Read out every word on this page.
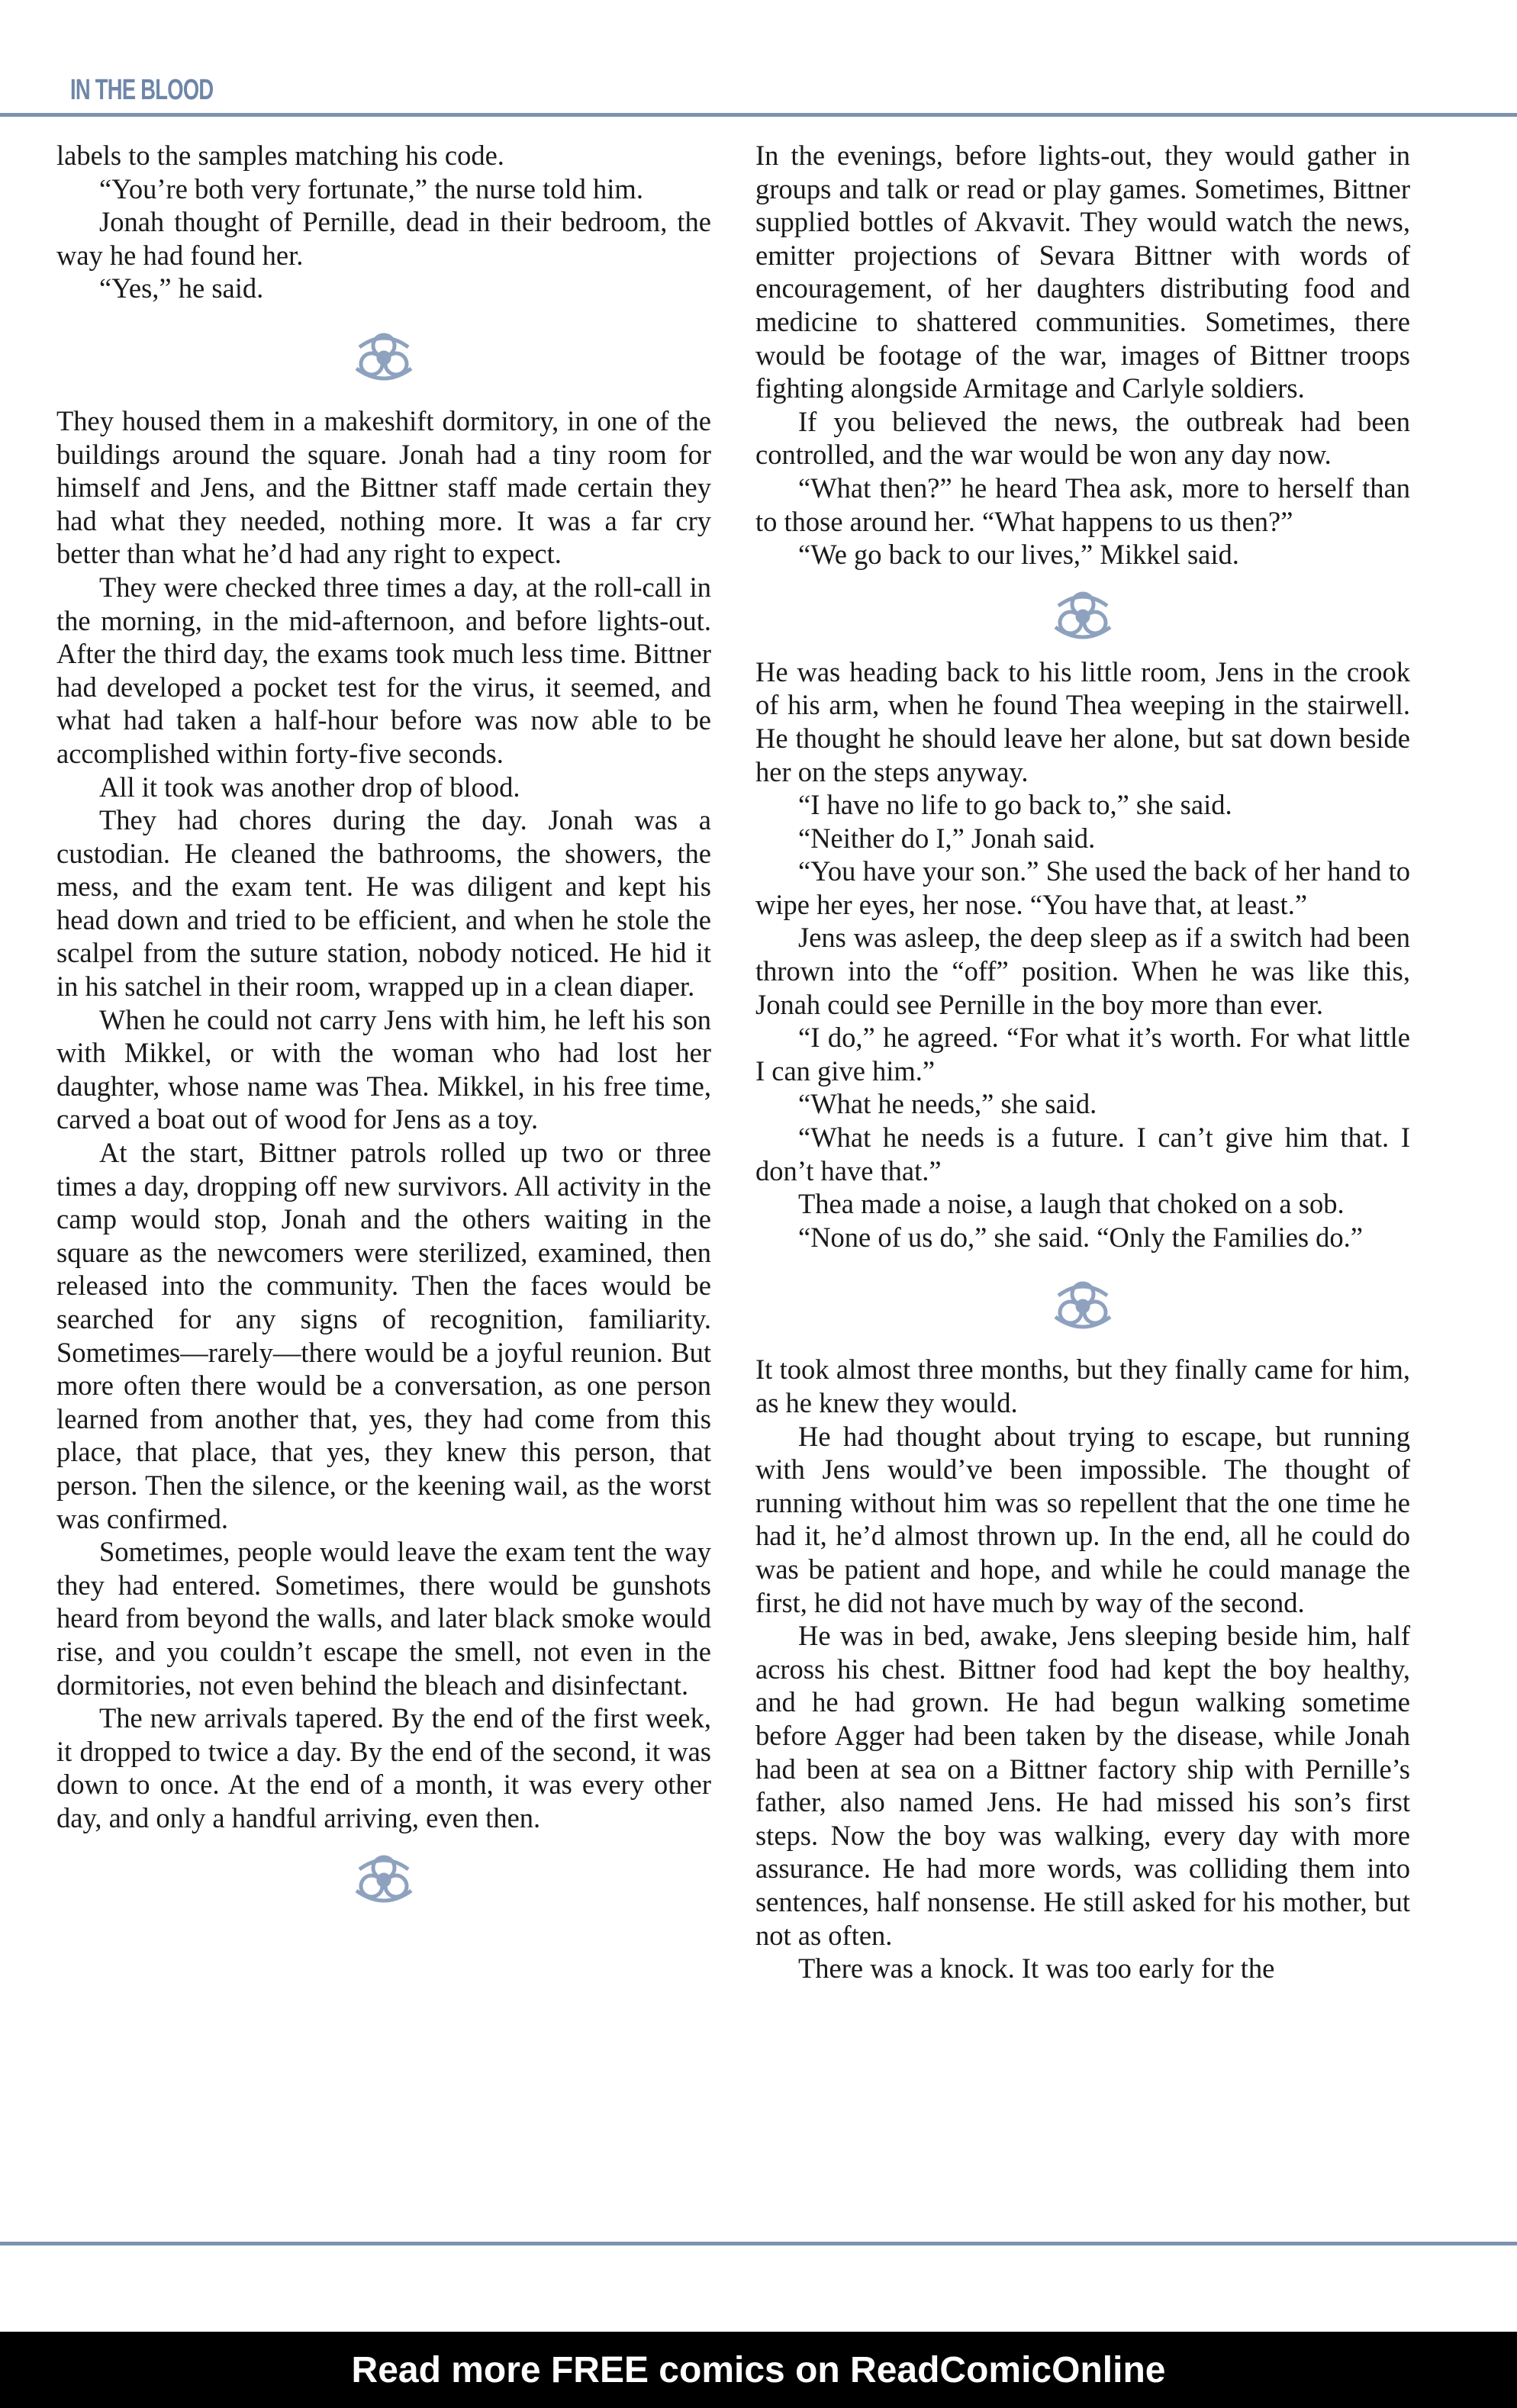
IN THE BLOOD

labels to the samples matching his code.

“You’re both very fortunate,” the nurse told him.

Jonah thought of Pernille, dead in their bedroom, the way he had found her.

“Yes,” he said.

They housed them in a makeshift dormitory, in one of the buildings around the square. Jonah had a tiny room for himself and Jens, and the Bittner staff made certain they had what they needed, nothing more. It was a far cry better than what he’d had any right to expect.

They were checked three times a day, at the roll-call in the morning, in the mid-afternoon, and before lights-out. After the third day, the exams took much less time. Bittner had developed a pocket test for the virus, it seemed, and what had taken a half-hour before was now able to be accomplished within forty-five seconds.

All it took was another drop of blood.

They had chores during the day. Jonah was a custodian. He cleaned the bathrooms, the showers, the mess, and the exam tent. He was diligent and kept his head down and tried to be efficient, and when he stole the scalpel from the suture station, nobody noticed. He hid it in his satchel in their room, wrapped up in a clean diaper.

When he could not carry Jens with him, he left his son with Mikkel, or with the woman who had lost her daughter, whose name was Thea. Mikkel, in his free time, carved a boat out of wood for Jens as a toy.

At the start, Bittner patrols rolled up two or three times a day, dropping off new survivors. All activity in the camp would stop, Jonah and the others waiting in the square as the newcomers were sterilized, examined, then released into the community. Then the faces would be searched for any signs of recognition, familiarity. Sometimes—rarely—there would be a joyful reunion. But more often there would be a conversation, as one person learned from another that, yes, they had come from this place, that place, that yes, they knew this person, that person. Then the silence, or the keening wail, as the worst was confirmed.

Sometimes, people would leave the exam tent the way they had entered. Sometimes, there would be gunshots heard from beyond the walls, and later black smoke would rise, and you couldn’t escape the smell, not even in the dormitories, not even behind the bleach and disinfectant.

The new arrivals tapered. By the end of the first week, it dropped to twice a day. By the end of the second, it was down to once. At the end of a month, it was every other day, and only a handful arriving, even then.

In the evenings, before lights-out, they would gather in groups and talk or read or play games. Sometimes, Bittner supplied bottles of Akvavit. They would watch the news, emitter projections of Sevara Bittner with words of encouragement, of her daughters distributing food and medicine to shattered communities. Sometimes, there would be footage of the war, images of Bittner troops fighting alongside Armitage and Carlyle soldiers.

If you believed the news, the outbreak had been controlled, and the war would be won any day now.

“What then?” he heard Thea ask, more to herself than to those around her. “What happens to us then?”

“We go back to our lives,” Mikkel said.

He was heading back to his little room, Jens in the crook of his arm, when he found Thea weeping in the stairwell. He thought he should leave her alone, but sat down beside her on the steps anyway.

“I have no life to go back to,” she said.

“Neither do I,” Jonah said.

“You have your son.” She used the back of her hand to wipe her eyes, her nose. “You have that, at least.”

Jens was asleep, the deep sleep as if a switch had been thrown into the “off” position. When he was like this, Jonah could see Pernille in the boy more than ever.

“I do,” he agreed. “For what it’s worth. For what little I can give him.”

“What he needs,” she said.

“What he needs is a future. I can’t give him that. I don’t have that.”

Thea made a noise, a laugh that choked on a sob.

“None of us do,” she said. “Only the Families do.”

It took almost three months, but they finally came for him, as he knew they would.

He had thought about trying to escape, but running with Jens would’ve been impossible. The thought of running without him was so repellent that the one time he had it, he’d almost thrown up. In the end, all he could do was be patient and hope, and while he could manage the first, he did not have much by way of the second.

He was in bed, awake, Jens sleeping beside him, half across his chest. Bittner food had kept the boy healthy, and he had grown. He had begun walking sometime before Agger had been taken by the disease, while Jonah had been at sea on a Bittner factory ship with Pernille’s father, also named Jens. He had missed his son’s first steps. Now the boy was walking, every day with more assurance. He had more words, was colliding them into sentences, half nonsense. He still asked for his mother, but not as often.

There was a knock. It was too early for the

Read more FREE comics on ReadComicOnline
